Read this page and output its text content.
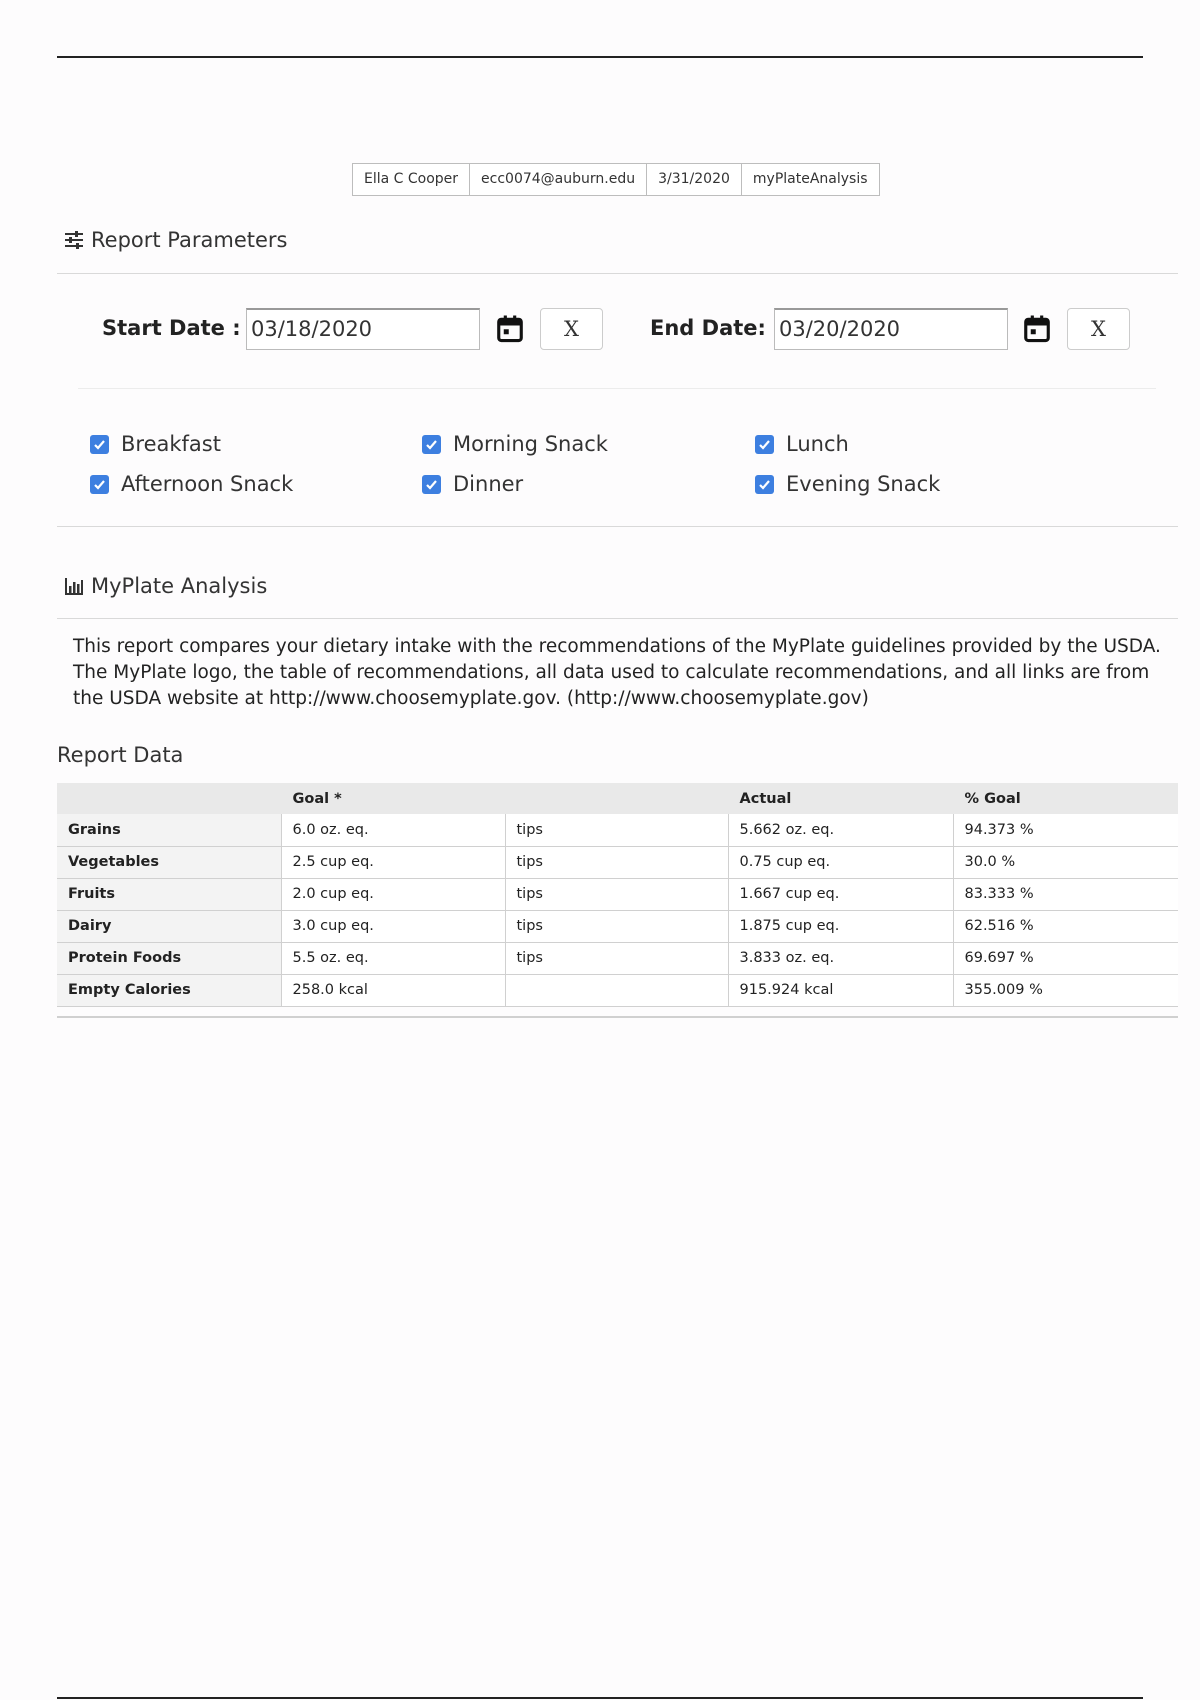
Ella C Cooper	ecc0074@auburn.edu	3/31/2020	myPlateAnalysis
Report Parameters
Start Date : 03/18/2020	X	End Date: 03/20/2020	X
Breakfast	Morning Snack	Lunch
Afternoon Snack	Dinner	Evening Snack
MyPlate Analysis

This report compares your dietary intake with the recommendations of the MyPlate guidelines provided by the USDA. The MyPlate logo, the table of recommendations, all data used to calculate recommendations, and all links are from the USDA website at http://www.choosemyplate.gov. (http://www.choosemyplate.gov)

Report Data
	Goal *		Actual	% Goal
Grains	6.0 oz. eq.	tips	5.662 oz. eq.	94.373 %
Vegetables	2.5 cup eq.	tips	0.75 cup eq.	30.0 %
Fruits	2.0 cup eq.	tips	1.667 cup eq.	83.333 %
Dairy	3.0 cup eq.	tips	1.875 cup eq.	62.516 %
Protein Foods	5.5 oz. eq.	tips	3.833 oz. eq.	69.697 %
Empty Calories	258.0 kcal		915.924 kcal	355.009 %
